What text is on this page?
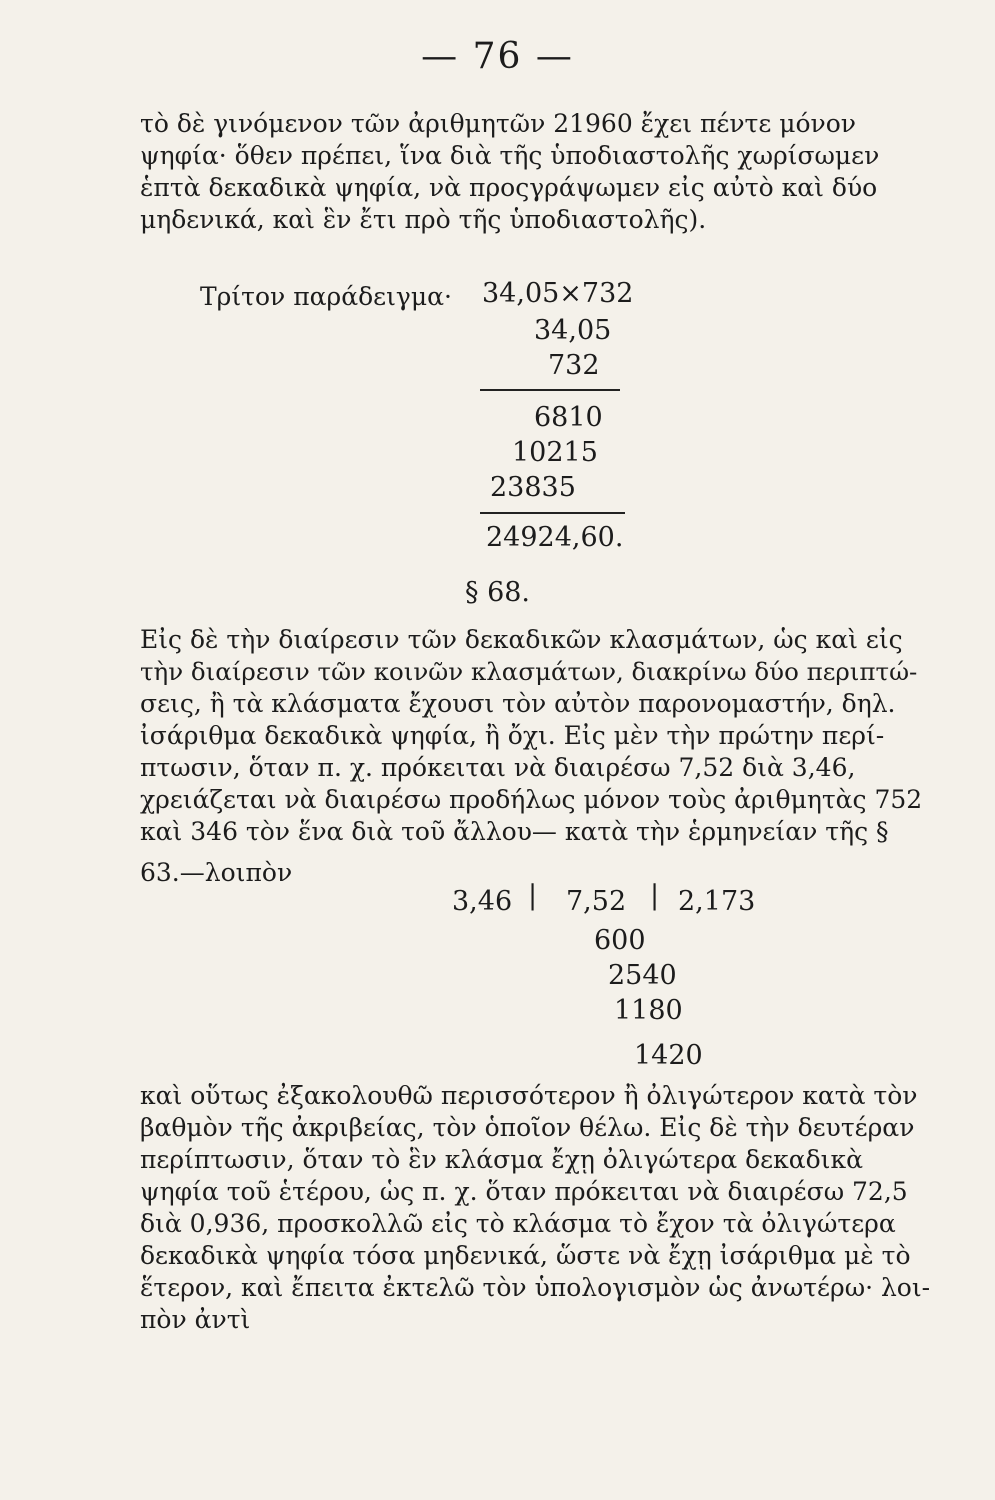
— 76 —
τὸ δὲ γινόμενον τῶν ἀριθμητῶν 21960 ἔχει πέντε μόνον
ψηφία· ὅθεν πρέπει, ἵνα διὰ τῆς ὑποδιαστολῆς χωρίσωμεν
ἑπτὰ δεκαδικὰ ψηφία, νὰ προςγράψωμεν εἰς αὐτὸ καὶ δύο
μηδενικά, καὶ ἓν ἔτι πρὸ τῆς ὑποδιαστολῆς).
Τρίτον παράδειγμα· 34,05×732
34,05
732
6810
10215
23835
24924,60.
§ 68.
Εἰς δὲ τὴν διαίρεσιν τῶν δεκαδικῶν κλασμάτων, ὡς καὶ εἰς
τὴν διαίρεσιν τῶν κοινῶν κλασμάτων, διακρίνω δύο περιπτώ-
σεις, ἢ τὰ κλάσματα ἔχουσι τὸν αὐτὸν παρονομαστήν, δηλ.
ἰσάριθμα δεκαδικὰ ψηφία, ἢ ὄχι. Εἰς μὲν τὴν πρώτην περί-
πτωσιν, ὅταν π. χ. πρόκειται νὰ διαιρέσω 7,52 διὰ 3,46,
χρειάζεται νὰ διαιρέσω προδήλως μόνον τοὺς ἀριθμητὰς 752
καὶ 346 τὸν ἕνα διὰ τοῦ ἄλλου— κατὰ τὴν ἑρμηνείαν τῆς §
63.—λοιπὸν
3,46 | 7,52 | 2,173
600
2540
1180
1420
καὶ οὕτως ἐξακολουθῶ περισσότερον ἢ ὀλιγώτερον κατὰ τὸν
βαθμὸν τῆς ἀκριβείας, τὸν ὁποῖον θέλω. Εἰς δὲ τὴν δευτέραν
περίπτωσιν, ὅταν τὸ ἓν κλάσμα ἔχῃ ὀλιγώτερα δεκαδικὰ
ψηφία τοῦ ἑτέρου, ὡς π. χ. ὅταν πρόκειται νὰ διαιρέσω 72,5
διὰ 0,936, προσκολλῶ εἰς τὸ κλάσμα τὸ ἔχον τὰ ὀλιγώτερα
δεκαδικὰ ψηφία τόσα μηδενικά, ὥστε νὰ ἔχῃ ἰσάριθμα μὲ τὸ
ἕτερον, καὶ ἔπειτα ἐκτελῶ τὸν ὑπολογισμὸν ὡς ἀνωτέρω· λοι-
πὸν ἀντὶ
